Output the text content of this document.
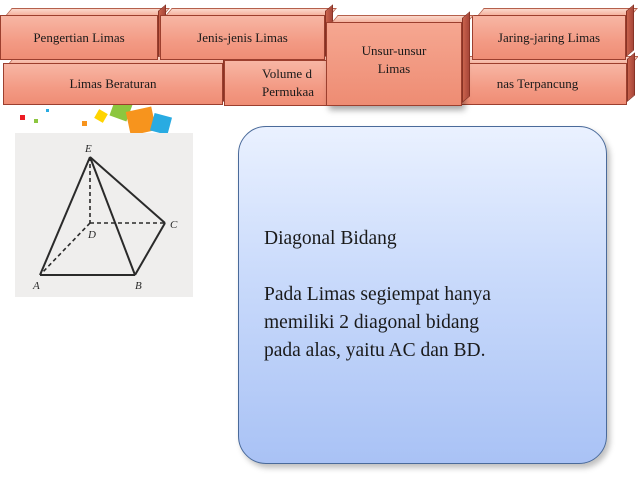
Limas Beraturan
Volume d
Permukaa
nas Terpancung
Pengertian Limas	Jenis-jenis Limas	Jaring-jaring Limas
Unsur-unsur
Limas
E
C
D
A	B

Diagonal Bidang

Pada Limas segiempat hanya

memiliki 2 diagonal bidang

pada alas, yaitu AC dan BD.
